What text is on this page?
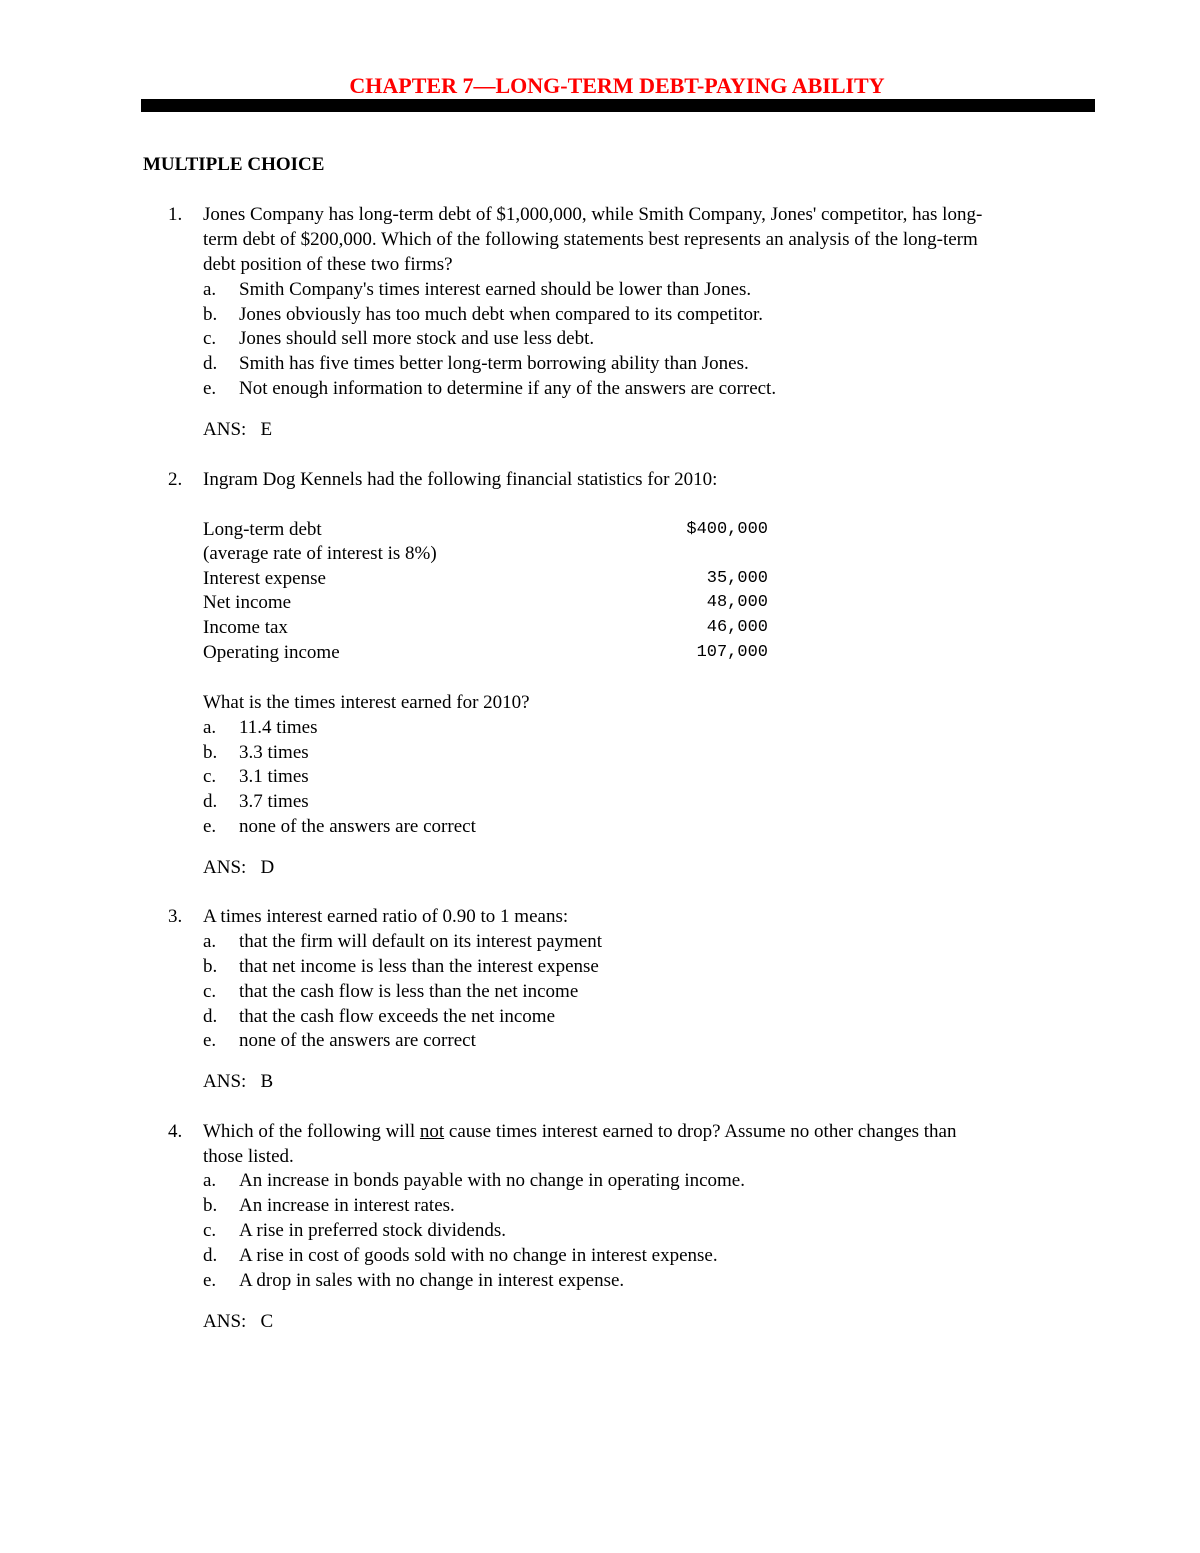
CHAPTER 7—LONG-TERM DEBT-PAYING ABILITY
MULTIPLE CHOICE
1. Jones Company has long-term debt of $1,000,000, while Smith Company, Jones' competitor, has long-
term debt of $200,000. Which of the following statements best represents an analysis of the long-term
debt position of these two firms?
a. Smith Company's times interest earned should be lower than Jones.
b. Jones obviously has too much debt when compared to its competitor.
c. Jones should sell more stock and use less debt.
d. Smith has five times better long-term borrowing ability than Jones.
e. Not enough information to determine if any of the answers are correct.
ANS:   E
2. Ingram Dog Kennels had the following financial statistics for 2010:
Long-term debt	$400,000
(average rate of interest is 8%)
Interest expense	35,000
Net income	48,000
Income tax	46,000
Operating income	107,000
What is the times interest earned for 2010?
a. 11.4 times
b. 3.3 times
c. 3.1 times
d. 3.7 times
e. none of the answers are correct
ANS:   D
3. A times interest earned ratio of 0.90 to 1 means:
a. that the firm will default on its interest payment
b. that net income is less than the interest expense
c. that the cash flow is less than the net income
d. that the cash flow exceeds the net income
e. none of the answers are correct
ANS:   B
4. Which of the following will not cause times interest earned to drop? Assume no other changes than
those listed.
a. An increase in bonds payable with no change in operating income.
b. An increase in interest rates.
c. A rise in preferred stock dividends.
d. A rise in cost of goods sold with no change in interest expense.
e. A drop in sales with no change in interest expense.
ANS:   C
